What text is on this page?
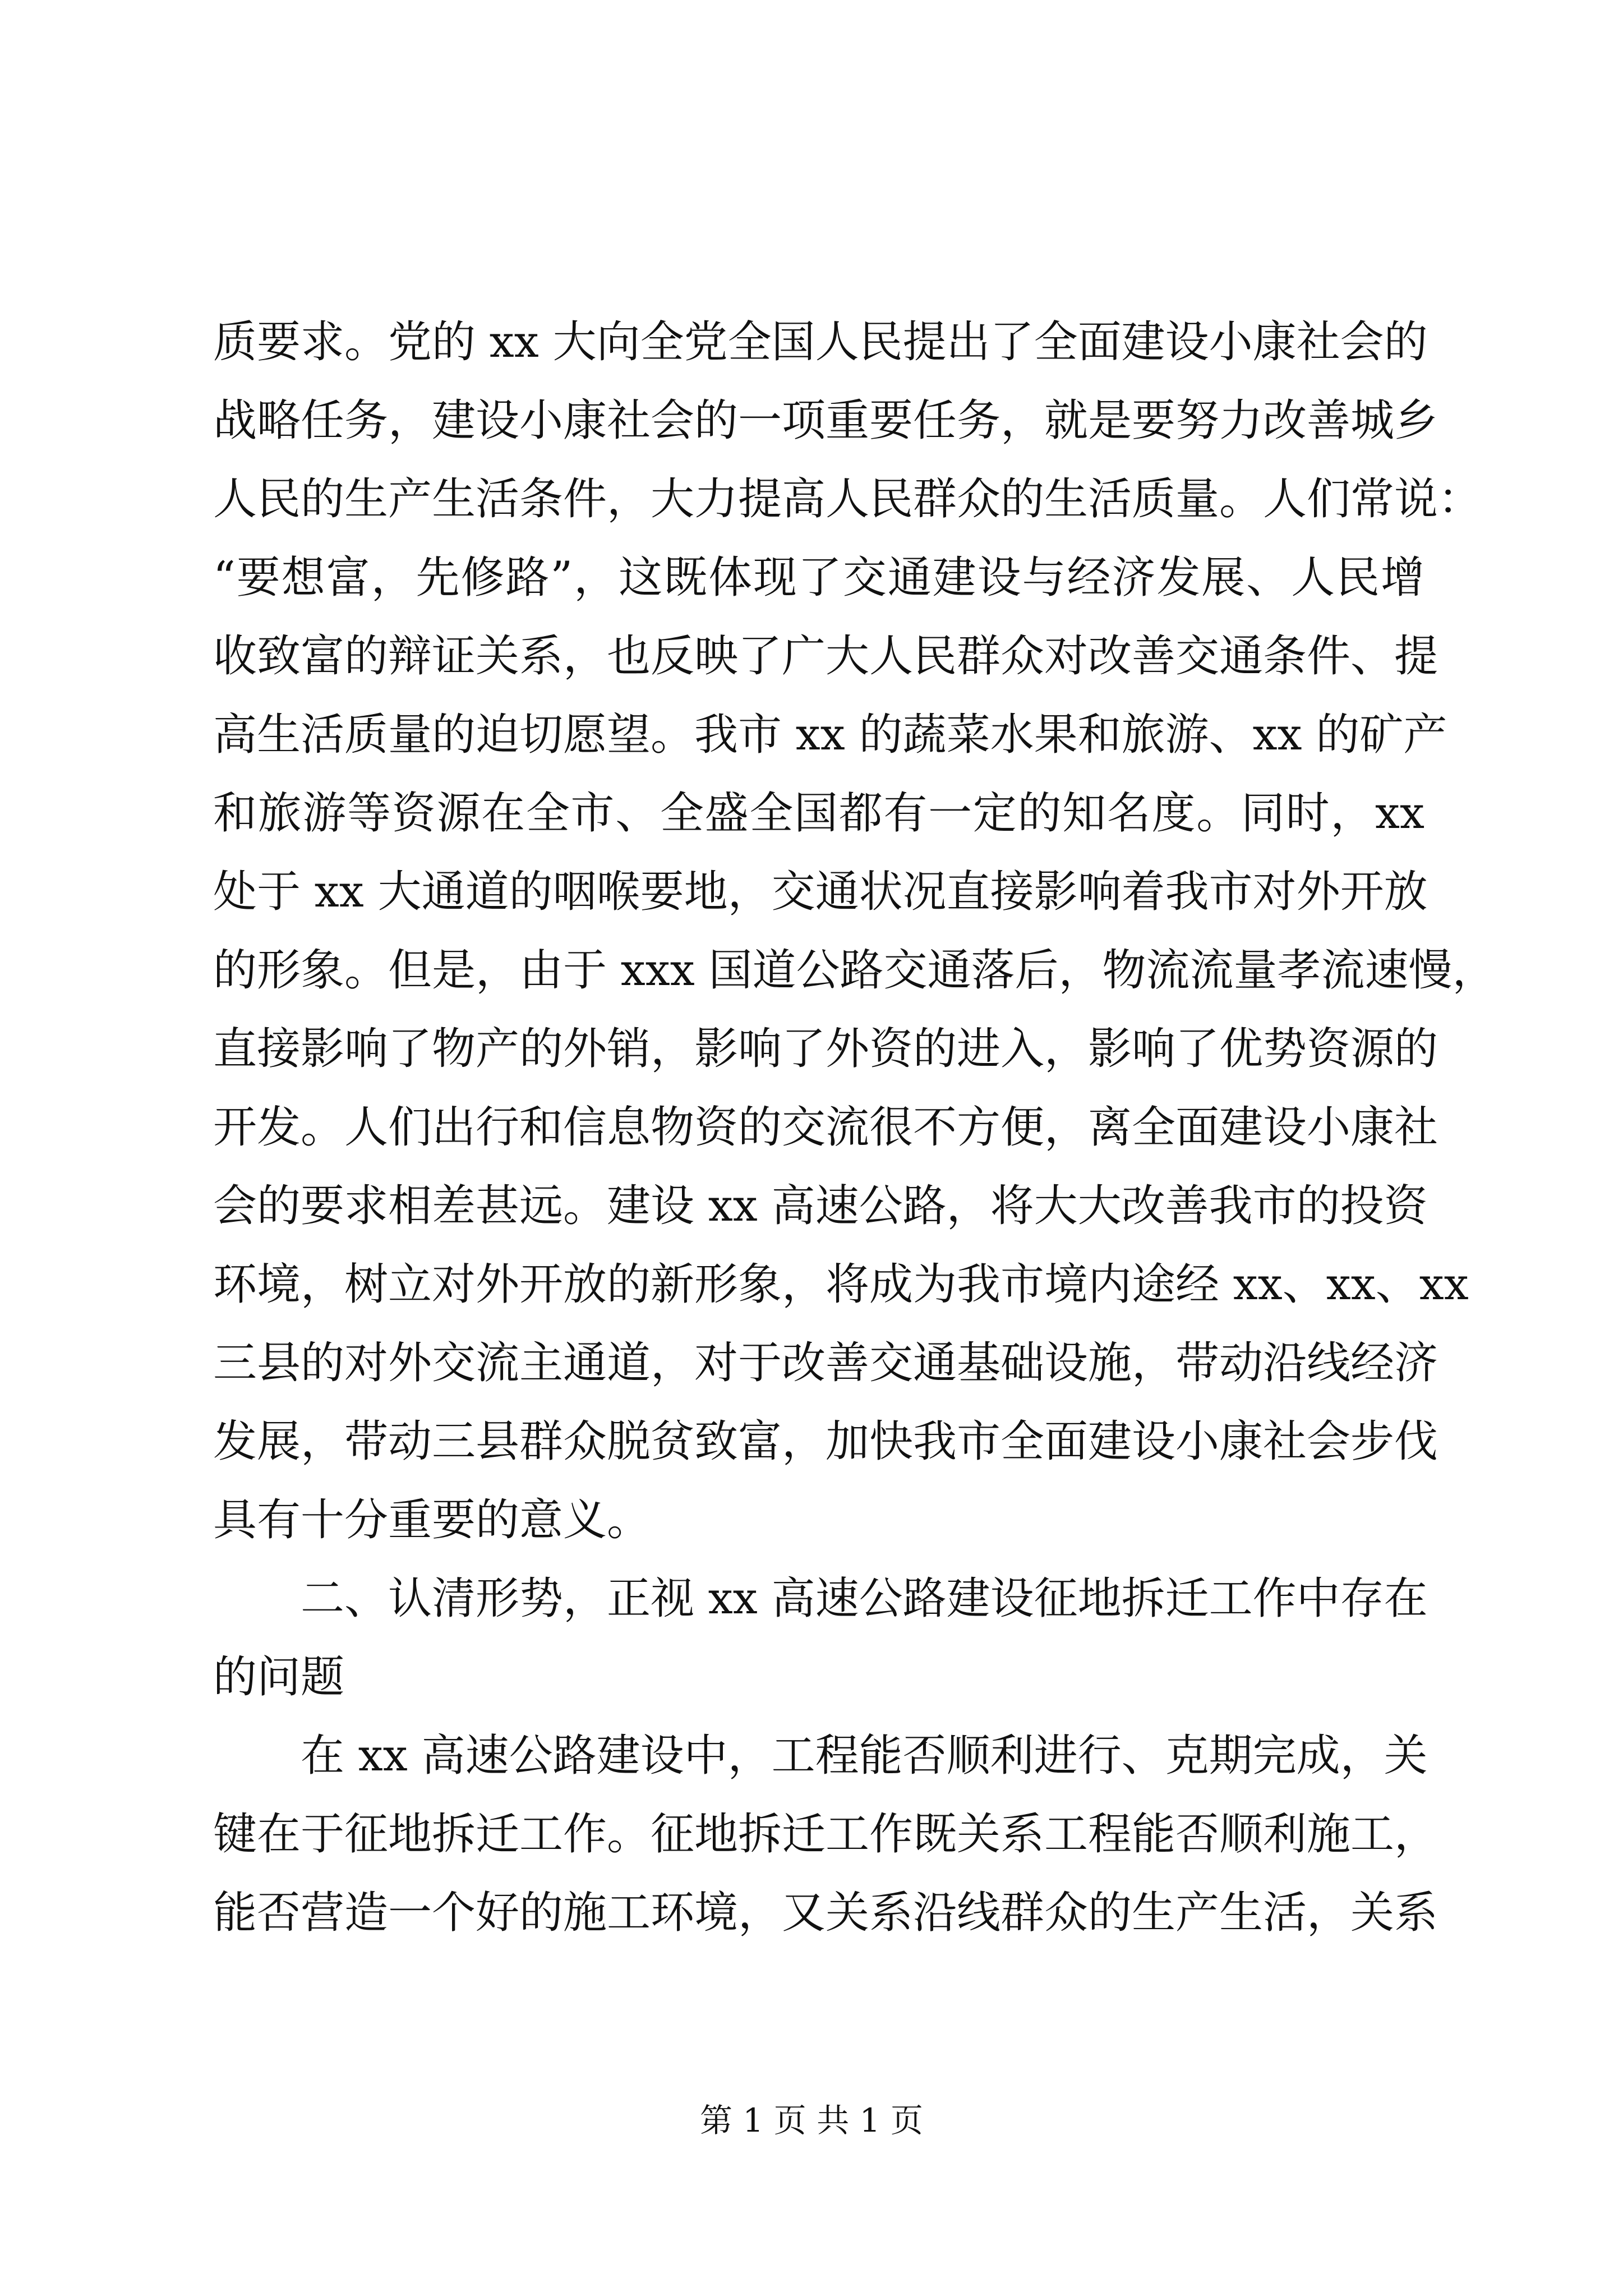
质要求。党的 xx 大向全党全国人民提出了全面建设小康社会的
战略任务，建设小康社会的一项重要任务，就是要努力改善城乡
人民的生产生活条件，大力提高人民群众的生活质量。人们常说：
“要想富，先修路”，这既体现了交通建设与经济发展、人民增
收致富的辩证关系，也反映了广大人民群众对改善交通条件、提
高生活质量的迫切愿望。我市 xx 的蔬菜水果和旅游、xx 的矿产
和旅游等资源在全市、全盛全国都有一定的知名度。同时，xx
处于 xx 大通道的咽喉要地，交通状况直接影响着我市对外开放
的形象。但是，由于 xxx 国道公路交通落后，物流流量孝流速慢，
直接影响了物产的外销，影响了外资的进入，影响了优势资源的
开发。人们出行和信息物资的交流很不方便，离全面建设小康社
会的要求相差甚远。建设 xx 高速公路，将大大改善我市的投资
环境，树立对外开放的新形象，将成为我市境内途经 xx、xx、xx
三县的对外交流主通道，对于改善交通基础设施，带动沿线经济
发展，带动三县群众脱贫致富，加快我市全面建设小康社会步伐
具有十分重要的意义。
　　二、认清形势，正视 xx 高速公路建设征地拆迁工作中存在
的问题
　　在 xx 高速公路建设中，工程能否顺利进行、克期完成，关
键在于征地拆迁工作。征地拆迁工作既关系工程能否顺利施工，
能否营造一个好的施工环境，又关系沿线群众的生产生活，关系
第 1 页 共 1 页
